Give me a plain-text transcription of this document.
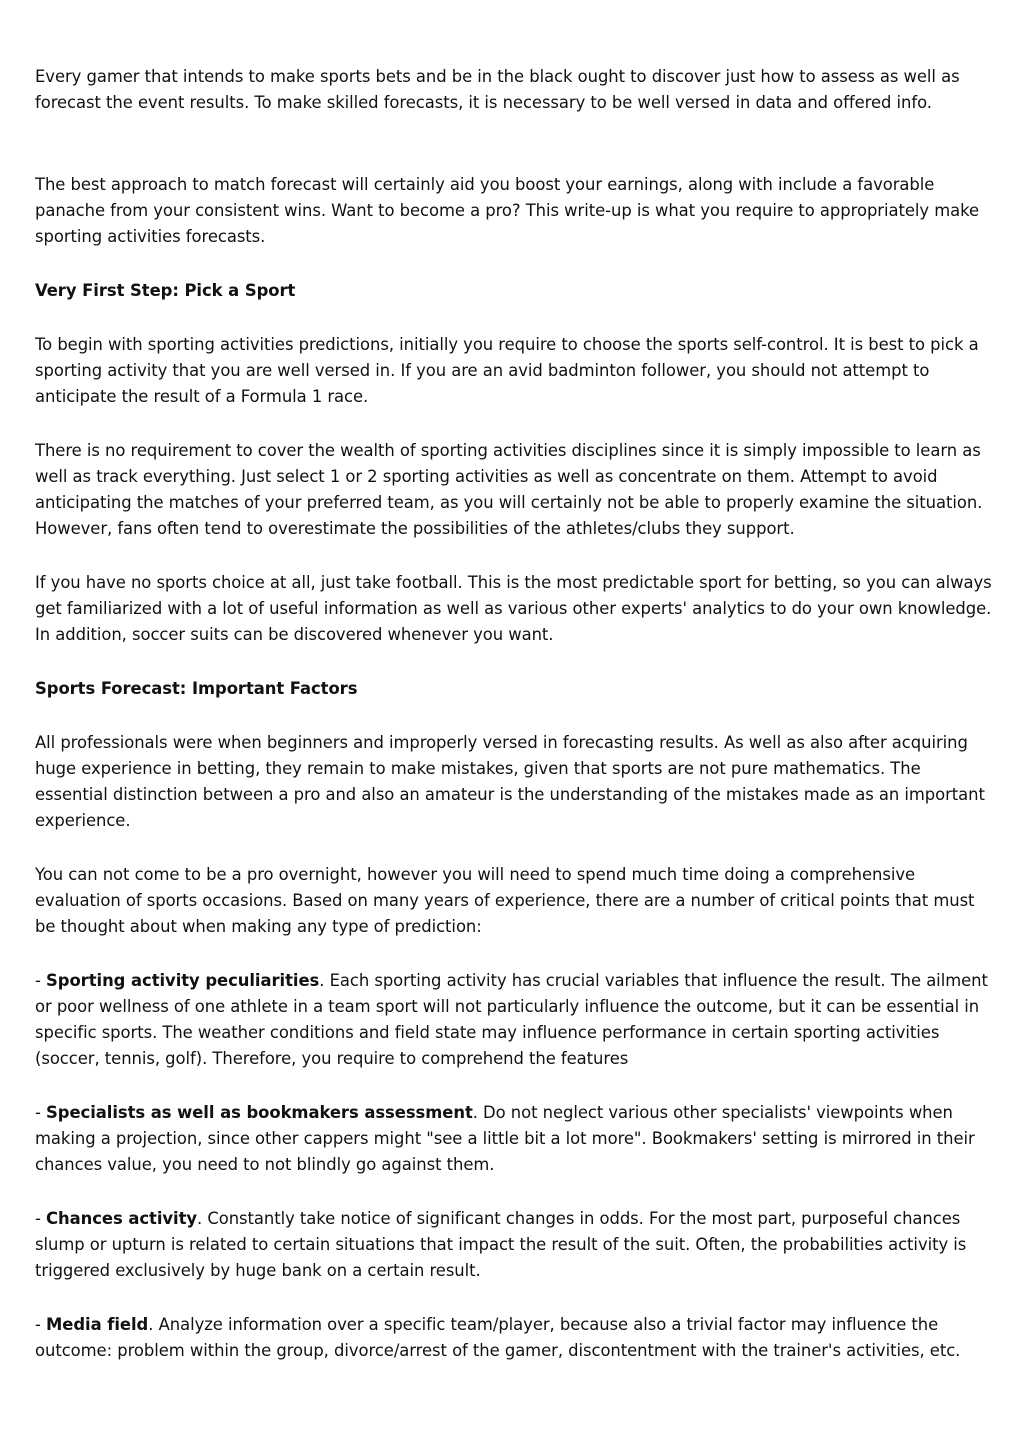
Every gamer that intends to make sports bets and be in the black ought to discover just how to assess as well as forecast the event results. To make skilled forecasts, it is necessary to be well versed in data and offered info.

The best approach to match forecast will certainly aid you boost your earnings, along with include a favorable panache from your consistent wins. Want to become a pro? This write-up is what you require to appropriately make sporting activities forecasts.

Very First Step: Pick a Sport

To begin with sporting activities predictions, initially you require to choose the sports self-control. It is best to pick a sporting activity that you are well versed in. If you are an avid badminton follower, you should not attempt to anticipate the result of a Formula 1 race.

There is no requirement to cover the wealth of sporting activities disciplines since it is simply impossible to learn as well as track everything. Just select 1 or 2 sporting activities as well as concentrate on them. Attempt to avoid anticipating the matches of your preferred team, as you will certainly not be able to properly examine the situation. However, fans often tend to overestimate the possibilities of the athletes/clubs they support.

If you have no sports choice at all, just take football. This is the most predictable sport for betting, so you can always get familiarized with a lot of useful information as well as various other experts' analytics to do your own knowledge. In addition, soccer suits can be discovered whenever you want.

Sports Forecast: Important Factors

All professionals were when beginners and improperly versed in forecasting results. As well as also after acquiring huge experience in betting, they remain to make mistakes, given that sports are not pure mathematics. The essential distinction between a pro and also an amateur is the understanding of the mistakes made as an important experience.

You can not come to be a pro overnight, however you will need to spend much time doing a comprehensive evaluation of sports occasions. Based on many years of experience, there are a number of critical points that must be thought about when making any type of prediction:

- Sporting activity peculiarities. Each sporting activity has crucial variables that influence the result. The ailment or poor wellness of one athlete in a team sport will not particularly influence the outcome, but it can be essential in specific sports. The weather conditions and field state may influence performance in certain sporting activities (soccer, tennis, golf). Therefore, you require to comprehend the features

- Specialists as well as bookmakers assessment. Do not neglect various other specialists' viewpoints when making a projection, since other cappers might "see a little bit a lot more". Bookmakers' setting is mirrored in their chances value, you need to not blindly go against them.

- Chances activity. Constantly take notice of significant changes in odds. For the most part, purposeful chances slump or upturn is related to certain situations that impact the result of the suit. Often, the probabilities activity is triggered exclusively by huge bank on a certain result.

- Media field. Analyze information over a specific team/player, because also a trivial factor may influence the outcome: problem within the group, divorce/arrest of the gamer, discontentment with the trainer's activities, etc.
